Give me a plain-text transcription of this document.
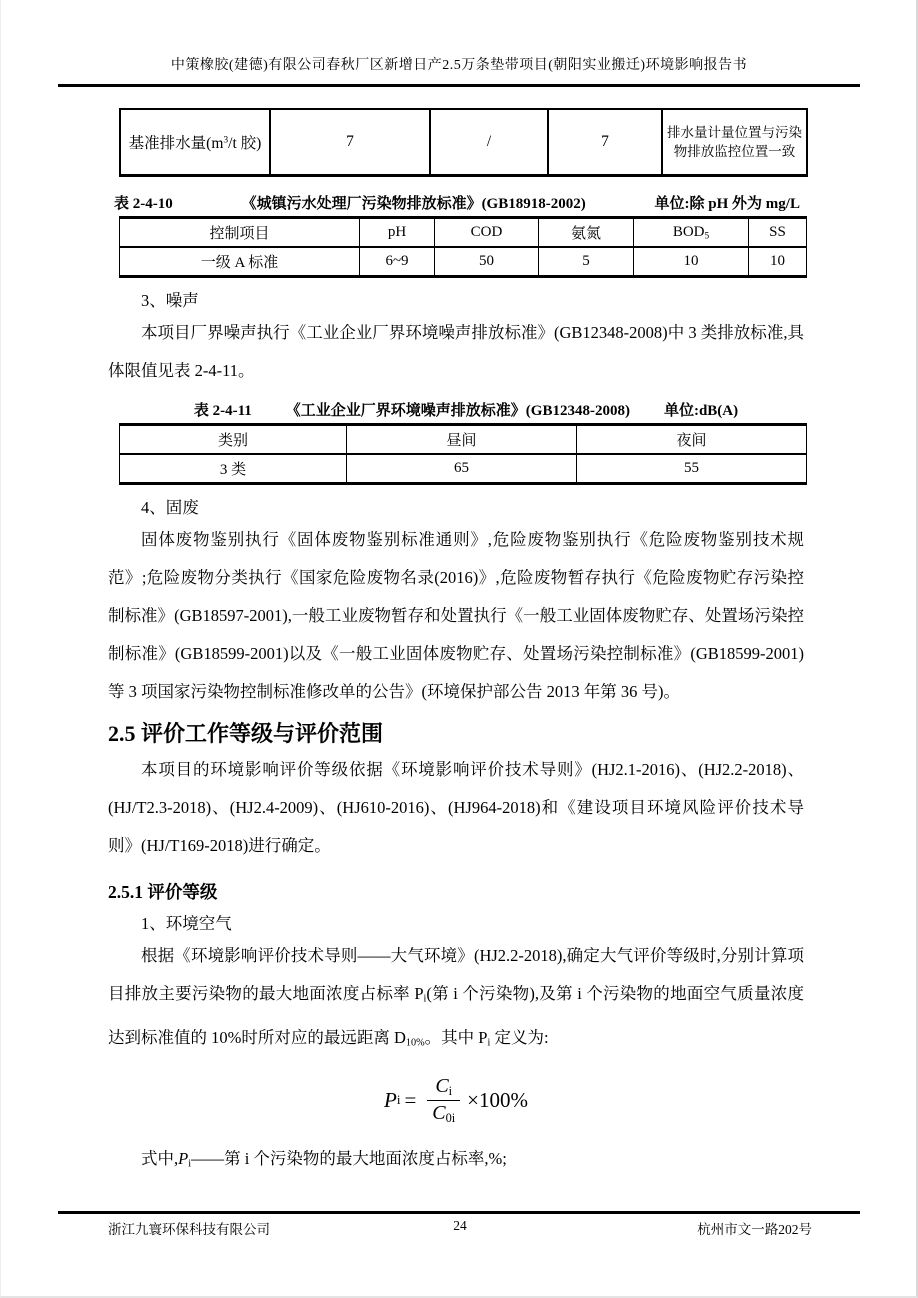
中策橡胶(建德)有限公司春秋厂区新增日产2.5万条垫带项目(朝阳实业搬迁)环境影响报告书
基准排水量($m^3/t$ 胶)	7	/	7	排水量计量位置与污染物排放监控位置一致
表 2-4-10	《城镇污水处理厂污染物排放标准》(GB18918-2002)	单位:除 pH 外为 mg/L
控制项目	pH	COD	氨氮	$BOD_5$	SS
一级 A 标准	6~9	50	5	10	10

3、噪声

本项目厂界噪声执行《工业企业厂界环境噪声排放标准》(GB12348-2008)中 3 类排放标准,具体限值见表 2-4-11。

表 2-4-11 《工业企业厂界环境噪声排放标准》(GB12348-2008) 单位:dB(A)
类别	昼间	夜间
3 类	65	55

4、固废

固体废物鉴别执行《固体废物鉴别标准通则》,危险废物鉴别执行《危险废物鉴别技术规范》;危险废物分类执行《国家危险废物名录(2016)》,危险废物暂存执行《危险废物贮存污染控制标准》(GB18597-2001),一般工业废物暂存和处置执行《一般工业固体废物贮存、处置场污染控制标准》(GB18599-2001)以及《一般工业固体废物贮存、处置场污染控制标准》(GB18599-2001)等 3 项国家污染物控制标准修改单的公告》(环境保护部公告 2013 年第 36 号)。

2.5 评价工作等级与评价范围

本项目的环境影响评价等级依据《环境影响评价技术导则》(HJ2.1-2016)、(HJ2.2-2018)、(HJ/T2.3-2018)、(HJ2.4-2009)、(HJ610-2016)、(HJ964-2018)和《建设项目环境风险评价技术导则》(HJ/T169-2018)进行确定。

2.5.1 评价等级

1、环境空气

根据《环境影响评价技术导则——大气环境》(HJ2.2-2018),确定大气评价等级时,分别计算项目排放主要污染物的最大地面浓度占标率 $P_i$(第 i 个污染物),及第 i 个污染物的地面空气质量浓度达到标准值的 10%时所对应的最远距离 $D_{10\%}$。其中 $P_i$ 定义为:

P $i = \frac{C_i}{C_{0i}} \times 100\%$

式中$,P_i——$第 i 个污染物的最大地面浓度占标率,%;

浙江九寰环保科技有限公司	24	杭州市文一路202号
